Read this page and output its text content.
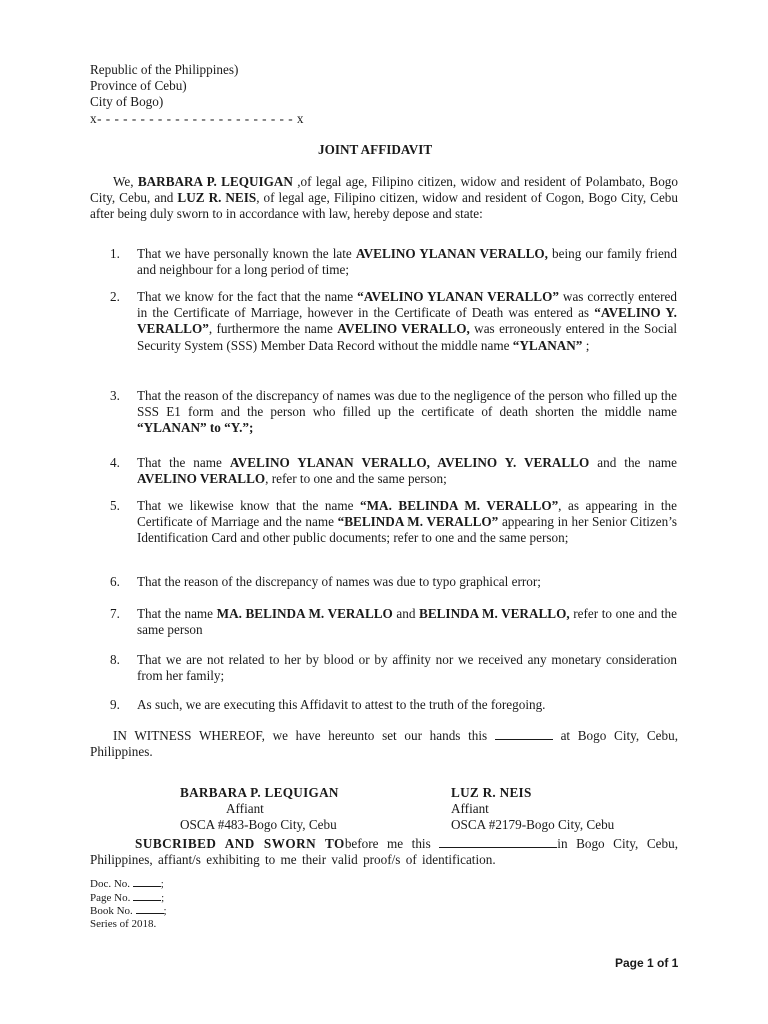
Republic of the Philippines)
Province of Cebu)
City of Bogo)
x- - - - - - - - - - - - - - - - - - - - - - - x
JOINT AFFIDAVIT
We, BARBARA P. LEQUIGAN ,of legal age, Filipino citizen, widow and resident of Polambato, Bogo City, Cebu, and LUZ R. NEIS, of legal age, Filipino citizen, widow and resident of Cogon, Bogo City, Cebu after being duly sworn to in accordance with law, hereby depose and state:
1. That we have personally known the late AVELINO YLANAN VERALLO, being our family friend and neighbour for a long period of time;
2. That we know for the fact that the name “AVELINO YLANAN VERALLO” was correctly entered in the Certificate of Marriage, however in the Certificate of Death was entered as “AVELINO Y. VERALLO”, furthermore the name AVELINO VERALLO, was erroneously entered in the Social Security System (SSS) Member Data Record without the middle name “YLANAN” ;
3. That the reason of the discrepancy of names was due to the negligence of the person who filled up the SSS E1 form and the person who filled up the certificate of death shorten the middle name “YLANAN” to “Y.”;
4. That the name AVELINO YLANAN VERALLO, AVELINO Y. VERALLO and the name AVELINO VERALLO, refer to one and the same person;
5. That we likewise know that the name “MA. BELINDA M. VERALLO”, as appearing in the Certificate of Marriage and the name “BELINDA M. VERALLO” appearing in her Senior Citizen’s Identification Card and other public documents; refer to one and the same person;
6. That the reason of the discrepancy of names was due to typo graphical error;
7. That the name MA. BELINDA M. VERALLO and BELINDA M. VERALLO, refer to one and the same person
8. That we are not related to her by blood or by affinity nor we received any monetary consideration from her family;
9. As such, we are executing this Affidavit to attest to the truth of the foregoing.
IN WITNESS WHEREOF, we have hereunto set our hands this	at Bogo City, Cebu, Philippines.
BARBARA P. LEQUIGAN
Affiant
OSCA #483-Bogo City, Cebu
LUZ R. NEIS
Affiant
OSCA #2179-Bogo City, Cebu
SUBCRIBED AND SWORN TObefore me this	in Bogo City, Cebu, Philippines, affiant/s exhibiting to me their valid proof/s of identification.
Doc. No.	;
Page No.	;
Book No.	;
Series of 2018.
Page 1 of 1
